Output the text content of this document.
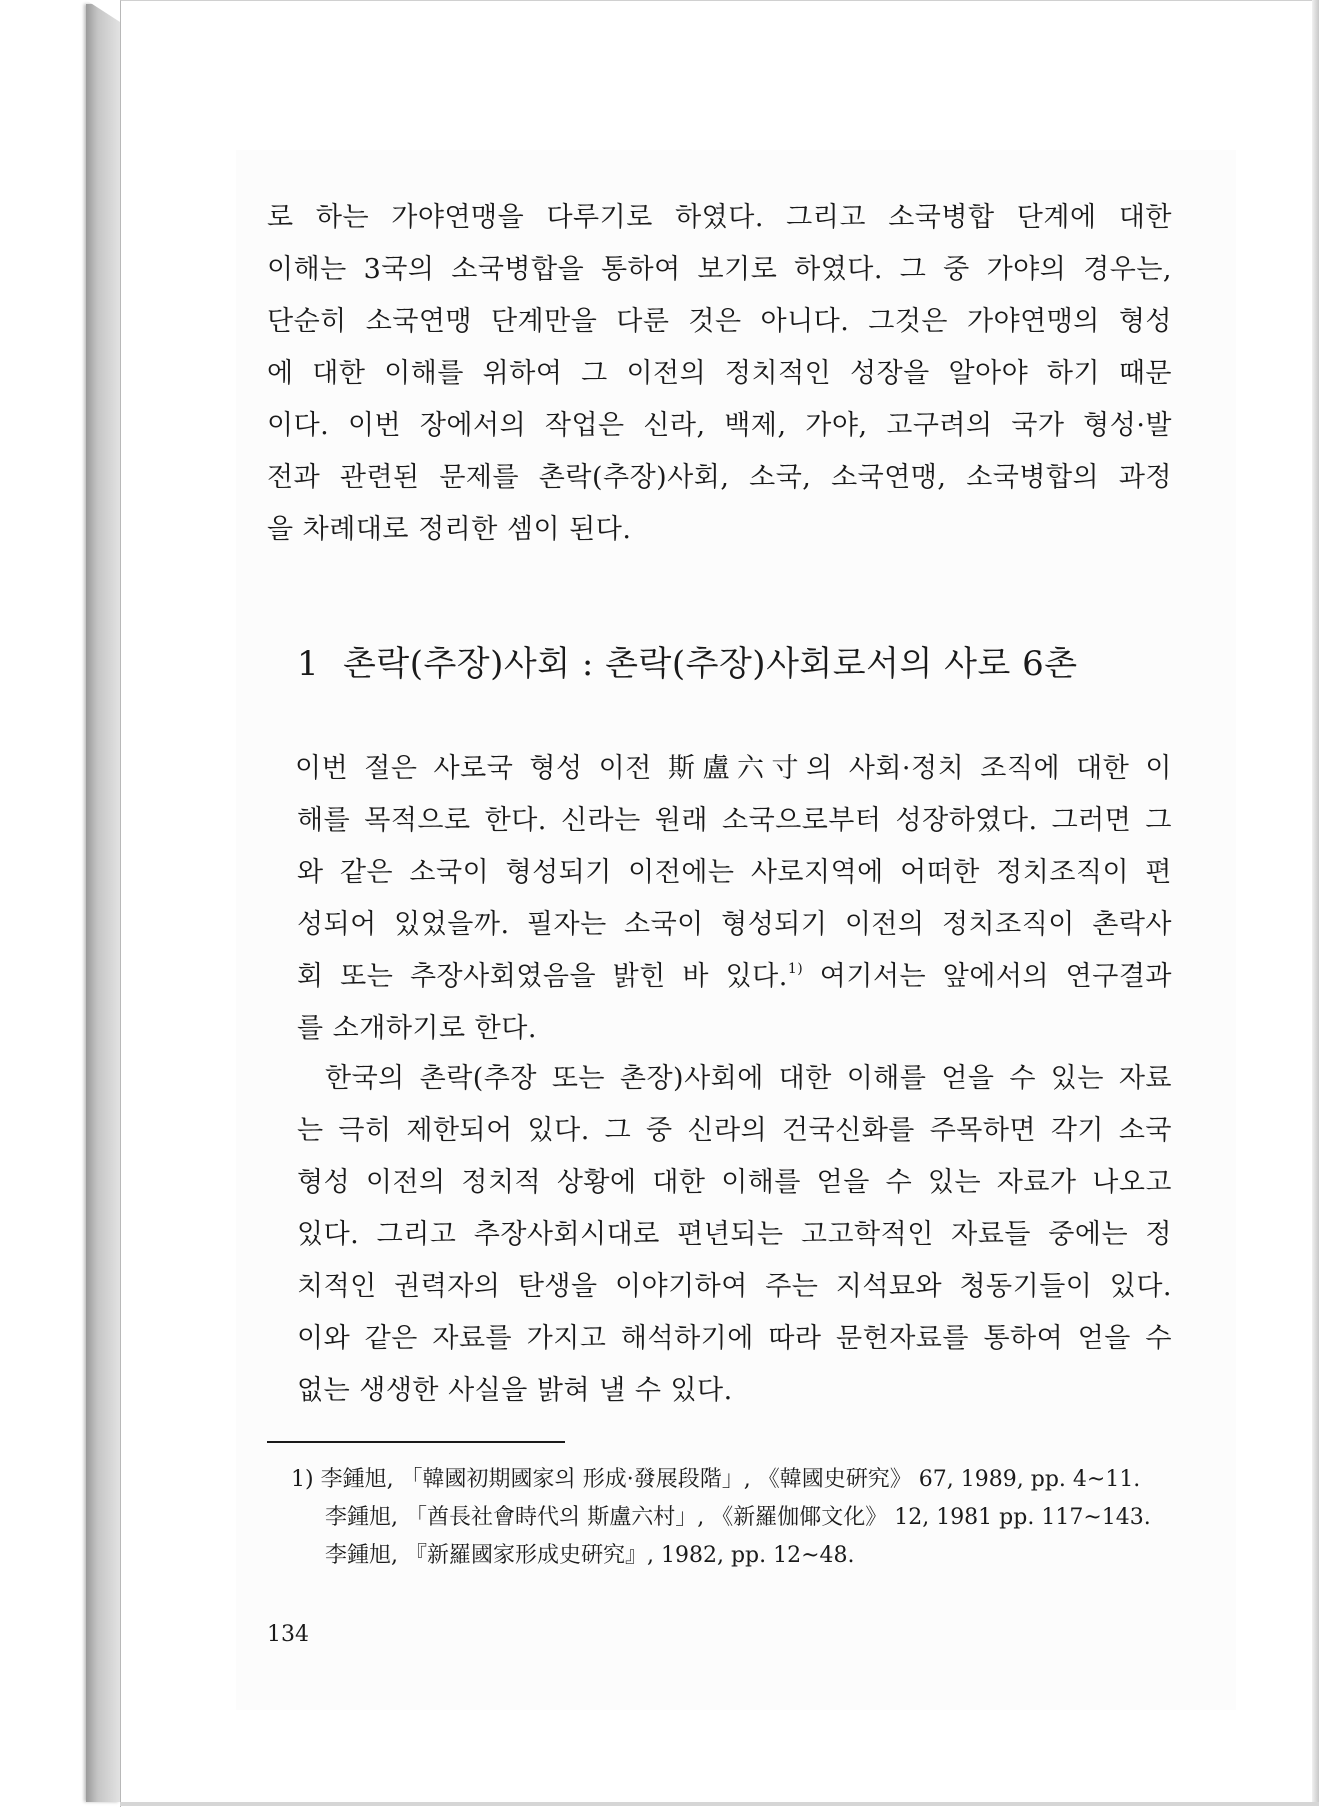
로 하는 가야연맹을 다루기로 하였다. 그리고 소국병합 단계에 대한
이해는 3국의 소국병합을 통하여 보기로 하였다. 그 중 가야의 경우는,
단순히 소국연맹 단계만을 다룬 것은 아니다. 그것은 가야연맹의 형성
에 대한 이해를 위하여 그 이전의 정치적인 성장을 알아야 하기 때문
이다. 이번 장에서의 작업은 신라, 백제, 가야, 고구려의 국가 형성·발
전과 관련된 문제를 촌락(추장)사회, 소국, 소국연맹, 소국병합의 과정
을 차례대로 정리한 셈이 된다.
1 촌락(추장)사회 : 촌락(추장)사회로서의 사로 6촌
이번 절은 사로국 형성 이전 斯盧六寸의 사회·정치 조직에 대한 이
해를 목적으로 한다. 신라는 원래 소국으로부터 성장하였다. 그러면 그
와 같은 소국이 형성되기 이전에는 사로지역에 어떠한 정치조직이 편
성되어 있었을까. 필자는 소국이 형성되기 이전의 정치조직이 촌락사
회 또는 추장사회였음을 밝힌 바 있다.$^{1)}$ 여기서는 앞에서의 연구결과
를 소개하기로 한다.
한국의 촌락(추장 또는 촌장)사회에 대한 이해를 얻을 수 있는 자료
는 극히 제한되어 있다. 그 중 신라의 건국신화를 주목하면 각기 소국
형성 이전의 정치적 상황에 대한 이해를 얻을 수 있는 자료가 나오고
있다. 그리고 추장사회시대로 편년되는 고고학적인 자료들 중에는 정
치적인 권력자의 탄생을 이야기하여 주는 지석묘와 청동기들이 있다.
이와 같은 자료를 가지고 해석하기에 따라 문헌자료를 통하여 얻을 수
없는 생생한 사실을 밝혀 낼 수 있다.
1) 李鍾旭, 「韓國初期國家의 形成·發展段階」, 《韓國史硏究》 67, 1989, pp. 4~11.
李鍾旭, 「酋長社會時代의 斯盧六村」, 《新羅伽倻文化》 12, 1981 pp. 117~143.
李鍾旭, 『新羅國家形成史硏究』, 1982, pp. 12~48.
134
